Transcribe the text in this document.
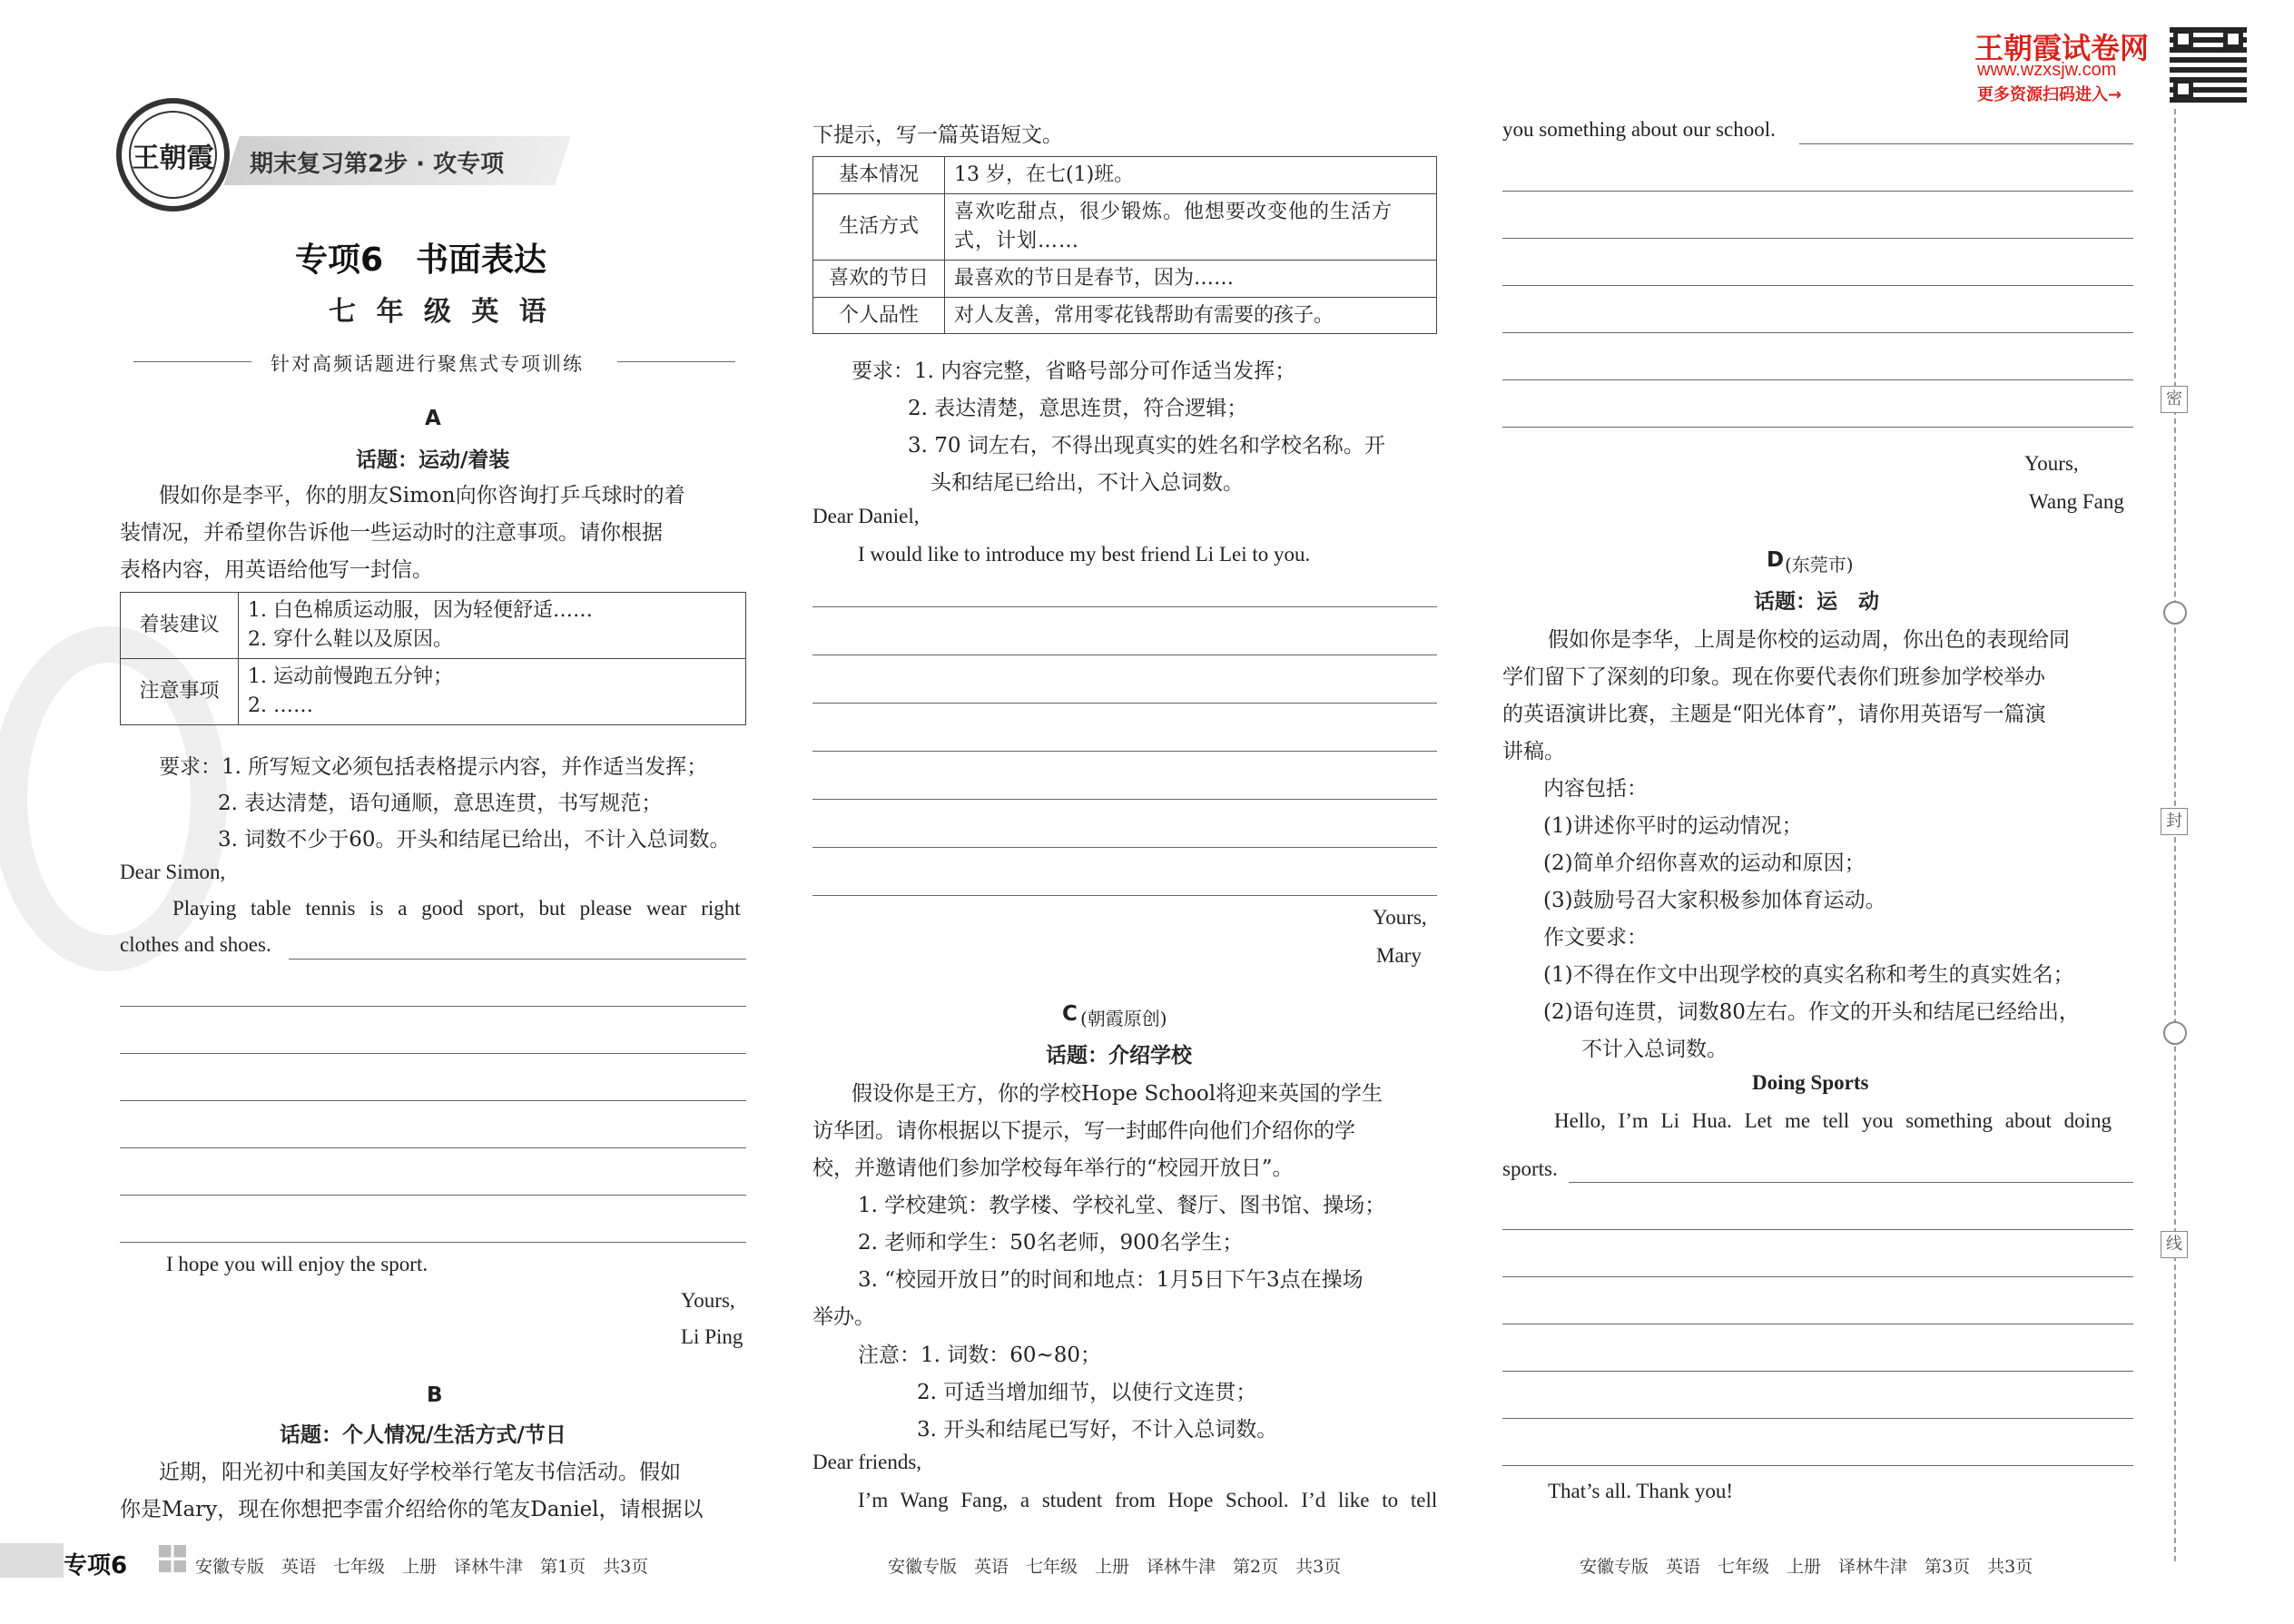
王朝霞 期末复习第2步 · 攻专项
专项6　书面表达
七 年 级 英 语
针对高频话题进行聚焦式专项训练
王朝霞试卷网
www.wzxsjw.com
更多资源扫码进入→
A
话题：运动/着装
假如你是李平，你的朋友Simon向你咨询打乒乓球时的着
装情况，并希望你告诉他一些运动时的注意事项。请你根据
表格内容，用英语给他写一封信。
着装建议	1. 白色棉质运动服，因为轻便舒适……
2. 穿什么鞋以及原因。

注意事项	1. 运动前慢跑五分钟；
2. ……
要求：1. 所写短文必须包括表格提示内容，并作适当发挥；
2. 表达清楚，语句通顺，意思连贯，书写规范；
3. 词数不少于60。开头和结尾已给出，不计入总词数。
Dear Simon,
Playing table tennis is a good sport, but please wear right
clothes and shoes.
I hope you will enjoy the sport.
Yours,
Li Ping
B
话题：个人情况/生活方式/节日
近期，阳光初中和美国友好学校举行笔友书信活动。假如
你是Mary，现在你想把李雷介绍给你的笔友Daniel，请根据以
下提示，写一篇英语短文。
基本情况	13 岁，在七(1)班。
生活方式	喜欢吃甜点，很少锻炼。他想要改变他的生活方式，计划……
喜欢的节日	最喜欢的节日是春节，因为……
个人品性	对人友善，常用零花钱帮助有需要的孩子。
要求：1. 内容完整，省略号部分可作适当发挥；
2. 表达清楚，意思连贯，符合逻辑；
3. 70 词左右，不得出现真实的姓名和学校名称。开
头和结尾已给出，不计入总词数。
Dear Daniel,
I would like to introduce my best friend Li Lei to you.
Yours,
Mary
C (朝霞原创)
话题：介绍学校
假设你是王方，你的学校Hope School将迎来英国的学生
访华团。请你根据以下提示，写一封邮件向他们介绍你的学
校，并邀请他们参加学校每年举行的“校园开放日”。
1. 学校建筑：教学楼、学校礼堂、餐厅、图书馆、操场；
2. 老师和学生：50名老师，900名学生；
3. “校园开放日”的时间和地点：1月5日下午3点在操场
举办。
注意：1. 词数：60~80；
2. 可适当增加细节，以使行文连贯；
3. 开头和结尾已写好，不计入总词数。
Dear friends,
I’m Wang Fang, a student from Hope School. I’d like to tell
you something about our school.
Yours,
Wang Fang
D (东莞市)
话题：运　动
假如你是李华，上周是你校的运动周，你出色的表现给同
学们留下了深刻的印象。现在你要代表你们班参加学校举办
的英语演讲比赛，主题是“阳光体育”，请你用英语写一篇演
讲稿。
内容包括：
(1)讲述你平时的运动情况；
(2)简单介绍你喜欢的运动和原因；
(3)鼓励号召大家积极参加体育运动。
作文要求：
(1)不得在作文中出现学校的真实名称和考生的真实姓名；
(2)语句连贯，词数80左右。作文的开头和结尾已经给出，
不计入总词数。
Doing Sports
Hello, I’m Li Hua. Let me tell you something about doing
sports.
That’s all. Thank you!
密
封
线
专项6	安徽专版　英语　七年级　上册　译林牛津　第1页　共3页	安徽专版　英语　七年级　上册　译林牛津　第2页　共3页	安徽专版　英语　七年级　上册　译林牛津　第3页　共3页
